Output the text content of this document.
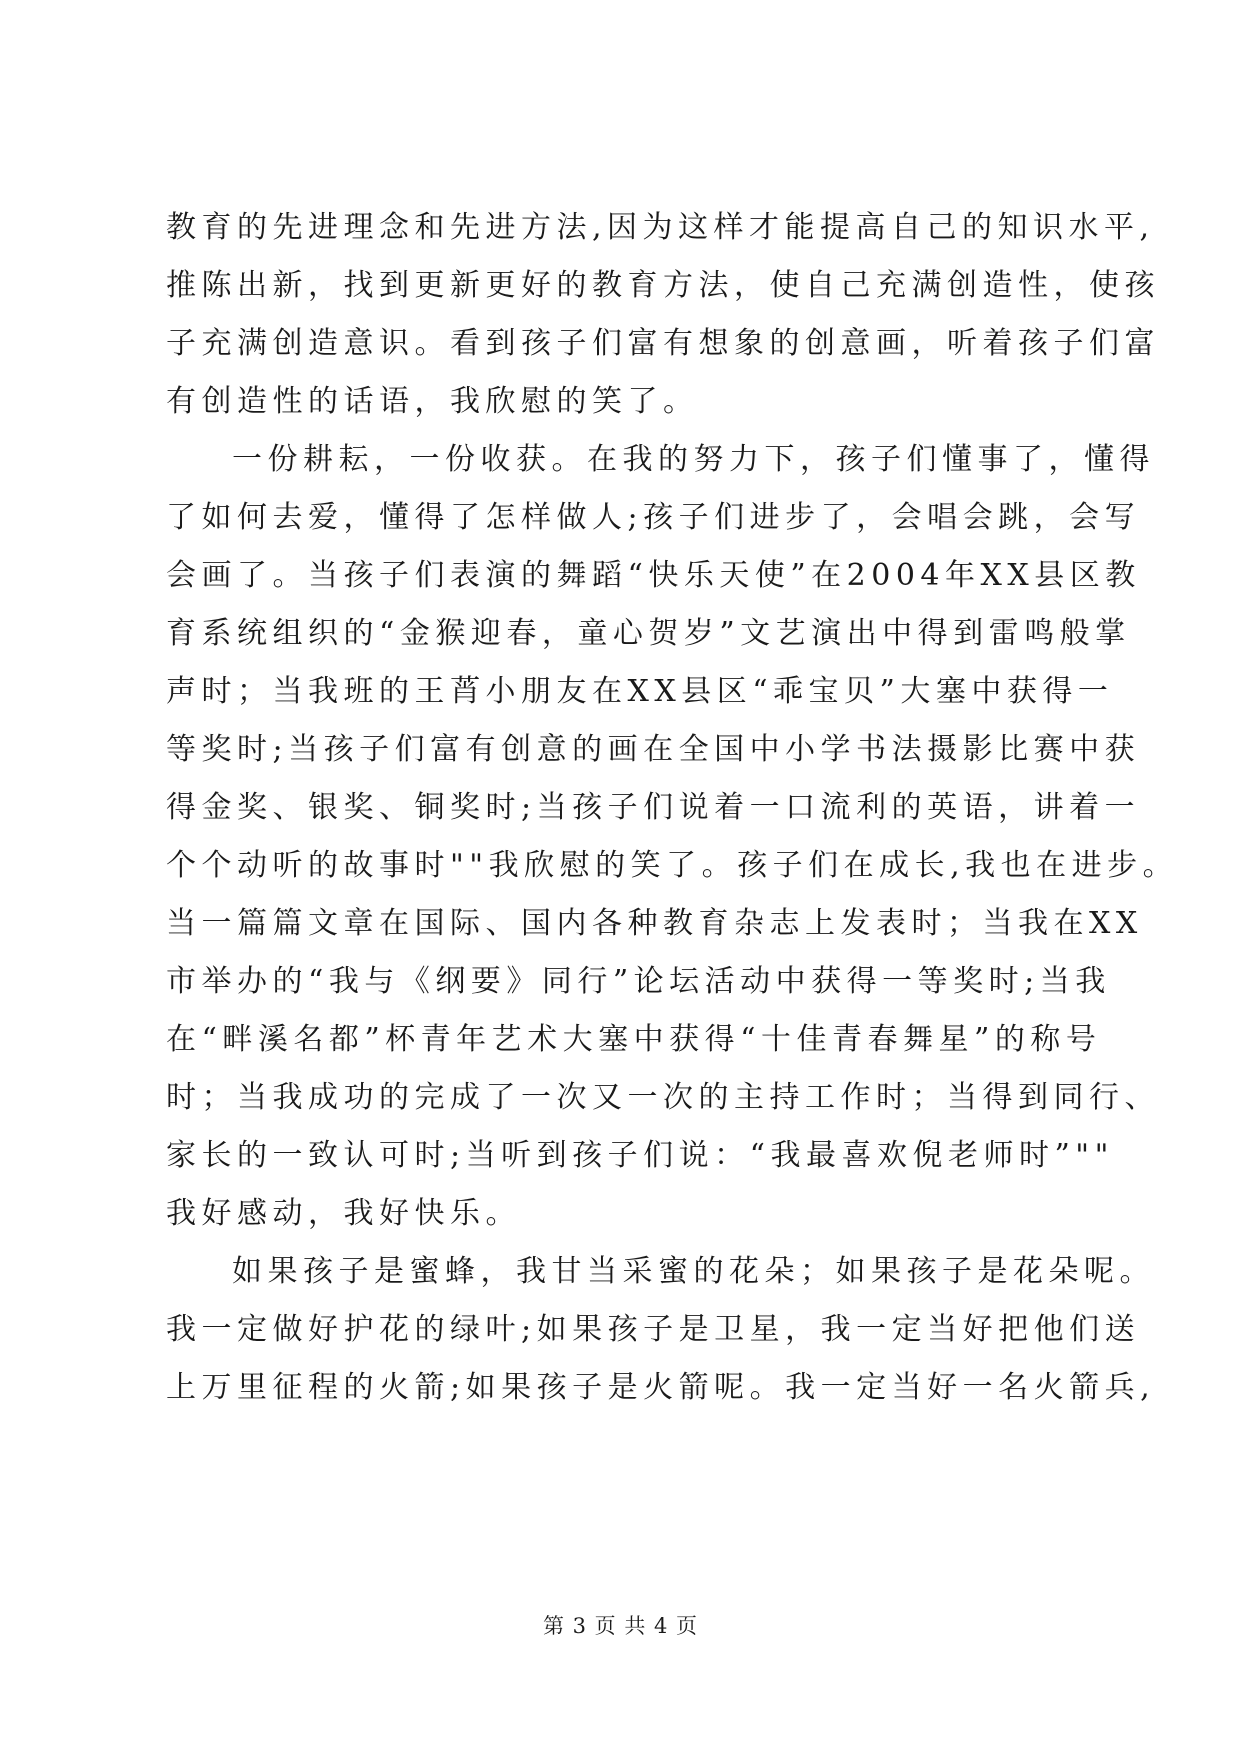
教育的先进理念和先进方法,因为这样才能提高自己的知识水平,
推陈出新，找到更新更好的教育方法，使自己充满创造性，使孩
子充满创造意识。看到孩子们富有想象的创意画，听着孩子们富
有创造性的话语，我欣慰的笑了。
一份耕耘，一份收获。在我的努力下，孩子们懂事了，懂得
了如何去爱，懂得了怎样做人;孩子们进步了，会唱会跳，会写
会画了。当孩子们表演的舞蹈“快乐天使”在2004年XX县区教
育系统组织的“金猴迎春，童心贺岁”文艺演出中得到雷鸣般掌
声时；当我班的王莦小朋友在XX县区“乖宝贝”大塞中获得一
等奖时;当孩子们富有创意的画在全国中小学书法摄影比赛中获
得金奖、银奖、铜奖时;当孩子们说着一口流利的英语，讲着一
个个动听的故事时""我欣慰的笑了。孩子们在成长,我也在进步。
当一篇篇文章在国际、国内各种教育杂志上发表时；当我在XX
市举办的“我与《纲要》同行”论坛活动中获得一等奖时;当我
在“畔溪名都”杯青年艺术大塞中获得“十佳青春舞星”的称号
时；当我成功的完成了一次又一次的主持工作时；当得到同行、
家长的一致认可时;当听到孩子们说：“我最喜欢倪老师时”""
我好感动，我好快乐。
如果孩子是蜜蜂，我甘当采蜜的花朵；如果孩子是花朵呢。
我一定做好护花的绿叶;如果孩子是卫星，我一定当好把他们送
上万里征程的火箭;如果孩子是火箭呢。我一定当好一名火箭兵,
第 3 页 共 4 页
